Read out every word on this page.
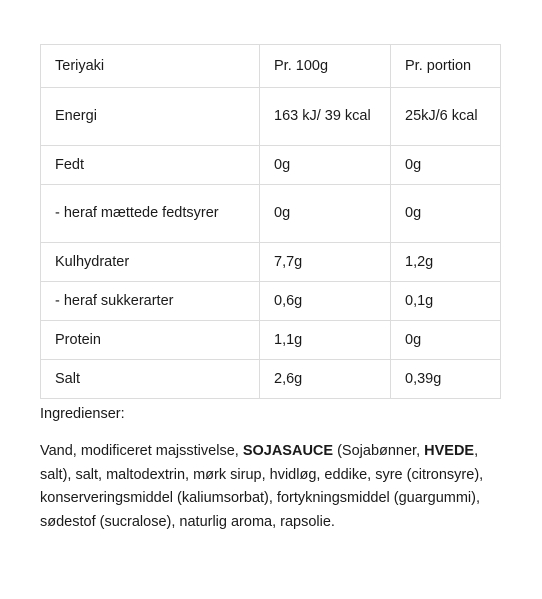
Teriyaki	Pr. 100g	Pr. portion
Energi	163 kJ/ 39 kcal	25kJ/6 kcal
Fedt	0g	0g
- heraf mættede fedtsyrer	0g	0g
Kulhydrater	7,7g	1,2g
- heraf sukkerarter	0,6g	0,1g
Protein	1,1g	0g
Salt	2,6g	0,39g

Ingredienser:

Vand, modificeret majsstivelse, SOJASAUCE (Sojabønner, HVEDE, salt), salt, maltodextrin, mørk sirup, hvidløg, eddike, syre (citronsyre), konserveringsmiddel (kaliumsorbat), fortykningsmiddel (guargummi), sødestof (sucralose), naturlig aroma, rapsolie.
